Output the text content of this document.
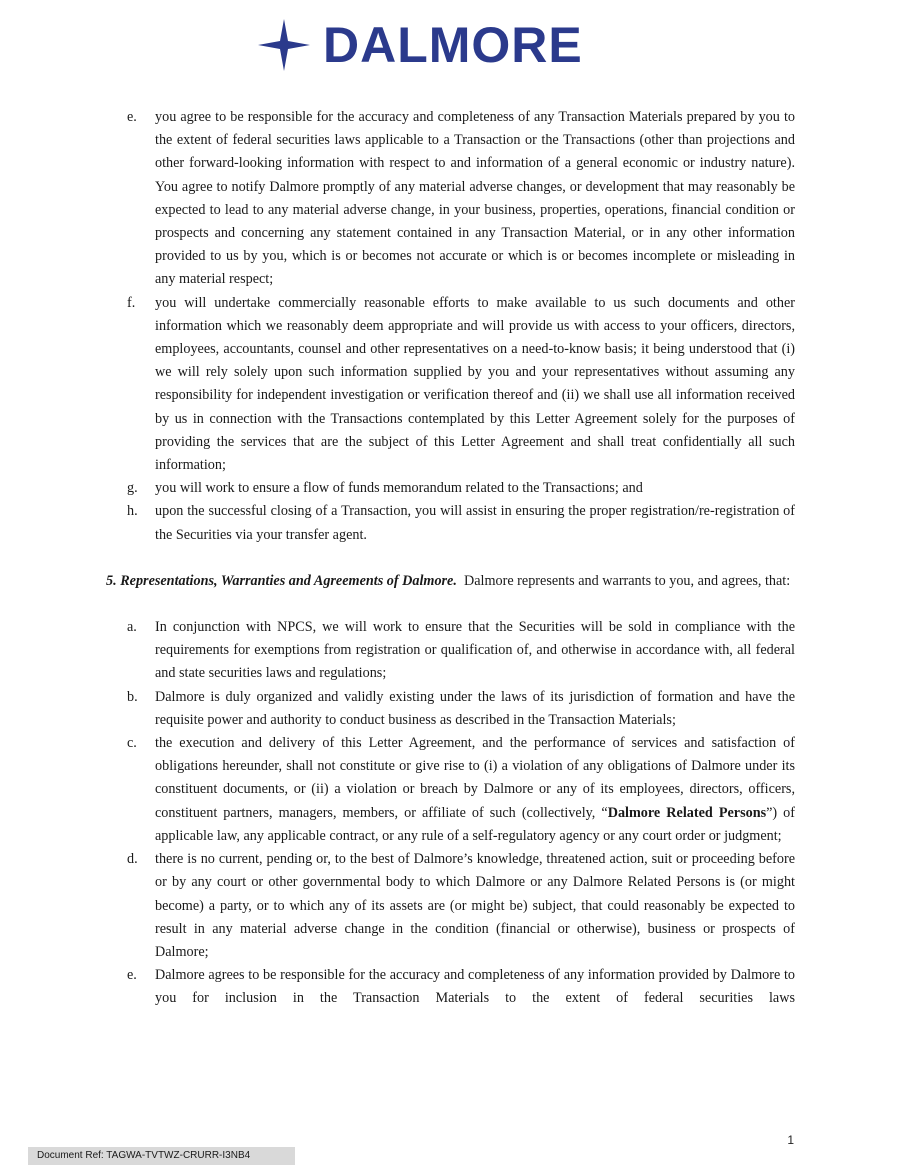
DALMORE
e.	you agree to be responsible for the accuracy and completeness of any Transaction Materials prepared by you to the extent of federal securities laws applicable to a Transaction or the Transactions (other than projections and other forward-looking information with respect to and information of a general economic or industry nature). You agree to notify Dalmore promptly of any material adverse changes, or development that may reasonably be expected to lead to any material adverse change, in your business, properties, operations, financial condition or prospects and concerning any statement contained in any Transaction Material, or in any other information provided to us by you, which is or becomes not accurate or which is or becomes incomplete or misleading in any material respect;
f.	you will undertake commercially reasonable efforts to make available to us such documents and other information which we reasonably deem appropriate and will provide us with access to your officers, directors, employees, accountants, counsel and other representatives on a need-to-know basis; it being understood that (i) we will rely solely upon such information supplied by you and your representatives without assuming any responsibility for independent investigation or verification thereof and (ii) we shall use all information received by us in connection with the Transactions contemplated by this Letter Agreement solely for the purposes of providing the services that are the subject of this Letter Agreement and shall treat confidentially all such information;
g.	you will work to ensure a flow of funds memorandum related to the Transactions; and
h.	upon the successful closing of a Transaction, you will assist in ensuring the proper registration/re-registration of the Securities via your transfer agent.

5. Representations, Warranties and Agreements of Dalmore. Dalmore represents and warrants to you, and agrees, that:

a.	In conjunction with NPCS, we will work to ensure that the Securities will be sold in compliance with the requirements for exemptions from registration or qualification of, and otherwise in accordance with, all federal and state securities laws and regulations;
b.	Dalmore is duly organized and validly existing under the laws of its jurisdiction of formation and have the requisite power and authority to conduct business as described in the Transaction Materials;
c.	the execution and delivery of this Letter Agreement, and the performance of services and satisfaction of obligations hereunder, shall not constitute or give rise to (i) a violation of any obligations of Dalmore under its constituent documents, or (ii) a violation or breach by Dalmore or any of its employees, directors, officers, constituent partners, managers, members, or affiliate of such (collectively, “Dalmore Related Persons”) of applicable law, any applicable contract, or any rule of a self-regulatory agency or any court order or judgment;
d.	there is no current, pending or, to the best of Dalmore’s knowledge, threatened action, suit or proceeding before or by any court or other governmental body to which Dalmore or any Dalmore Related Persons is (or might become) a party, or to which any of its assets are (or might be) subject, that could reasonably be expected to result in any material adverse change in the condition (financial or otherwise), business or prospects of Dalmore;
e.	Dalmore agrees to be responsible for the accuracy and completeness of any information provided by Dalmore to you for inclusion in the Transaction Materials to the extent of federal securities laws
1
Document Ref: TAGWA-TVTWZ-CRURR-I3NB4
